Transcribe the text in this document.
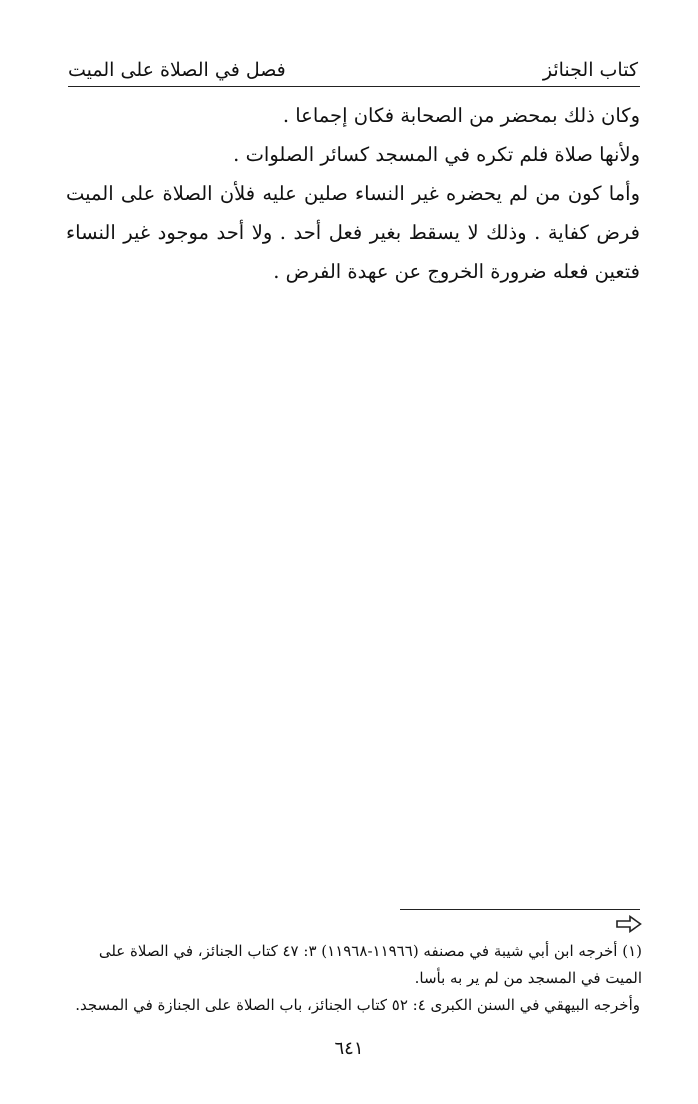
كتاب الجنائز
فصل في الصلاة على الميت

وكان ذلك بمحضر من الصحابة فكان إجماعا .

ولأنها صلاة فلم تكره في المسجد كسائر الصلوات .

وأما كون من لم يحضره غير النساء صلين عليه فلأن الصلاة على الميت فرض كفاية . وذلك لا يسقط بغير فعل أحد . ولا أحد موجود غير النساء فتعين فعله ضرورة الخروج عن عهدة الفرض .

(١) أخرجه ابن أبي شيبة في مصنفه (١١٩٦٦-١١٩٦٨) ٣: ٤٧ كتاب الجنائز، في الصلاة على الميت في المسجد من لم ير به بأسا.

وأخرجه البيهقي في السنن الكبرى ٤: ٥٢ كتاب الجنائز، باب الصلاة على الجنازة في المسجد.

٦٤١
